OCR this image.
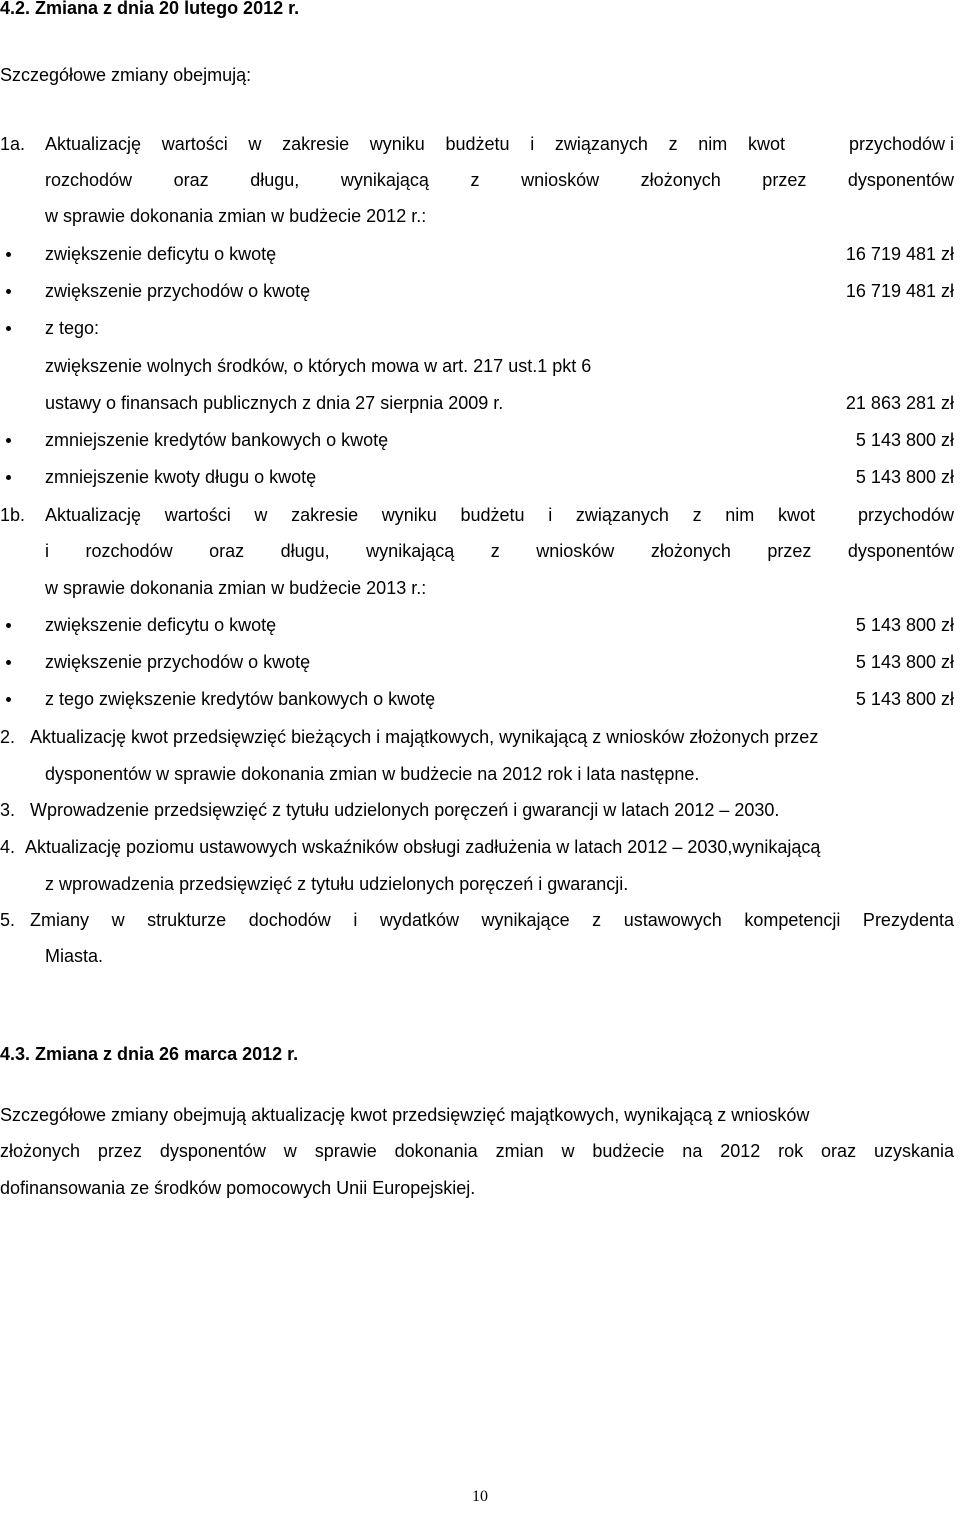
4.2. Zmiana z dnia 20 lutego 2012 r.
Szczegółowe zmiany obejmują:
1a. Aktualizację wartości w zakresie wyniku budżetu i związanych z nim kwot	przychodów i
rozchodów oraz długu, wynikającą z wniosków złożonych przez dysponentów
w sprawie dokonania zmian w budżecie 2012 r.:
zwiększenie deficytu o kwotę	16 719 481 zł
zwiększenie przychodów o kwotę	16 719 481 zł
z tego:
zwiększenie wolnych środków, o których mowa w art. 217 ust.1 pkt 6
ustawy o finansach publicznych z dnia 27 sierpnia 2009 r.	21 863 281 zł
zmniejszenie kredytów bankowych o kwotę	5 143 800 zł
zmniejszenie kwoty długu o kwotę	5 143 800 zł
1b. Aktualizację wartości w zakresie wyniku budżetu i związanych z nim kwot przychodów
i rozchodów oraz długu, wynikającą z wniosków złożonych przez dysponentów
w sprawie dokonania zmian w budżecie 2013 r.:
zwiększenie deficytu o kwotę	5 143 800 zł
zwiększenie przychodów o kwotę	5 143 800 zł
z tego zwiększenie kredytów bankowych o kwotę	5 143 800 zł
2. Aktualizację kwot przedsięwzięć bieżących i majątkowych, wynikającą z wniosków złożonych przez
dysponentów w sprawie dokonania zmian w budżecie na 2012 rok i lata następne.
3. Wprowadzenie przedsięwzięć z tytułu udzielonych poręczeń i gwarancji w latach 2012 – 2030.
4. Aktualizację poziomu ustawowych wskaźników obsługi zadłużenia w latach 2012 – 2030,wynikającą
z wprowadzenia przedsięwzięć z tytułu udzielonych poręczeń i gwarancji.
5. Zmiany w strukturze dochodów i wydatków wynikające z ustawowych kompetencji Prezydenta
Miasta.
4.3. Zmiana z dnia 26 marca 2012 r.
Szczegółowe zmiany obejmują aktualizację kwot przedsięwzięć majątkowych, wynikającą z wniosków
złożonych przez dysponentów w sprawie dokonania zmian w budżecie na 2012 rok oraz uzyskania
dofinansowania ze środków pomocowych Unii Europejskiej.
10
